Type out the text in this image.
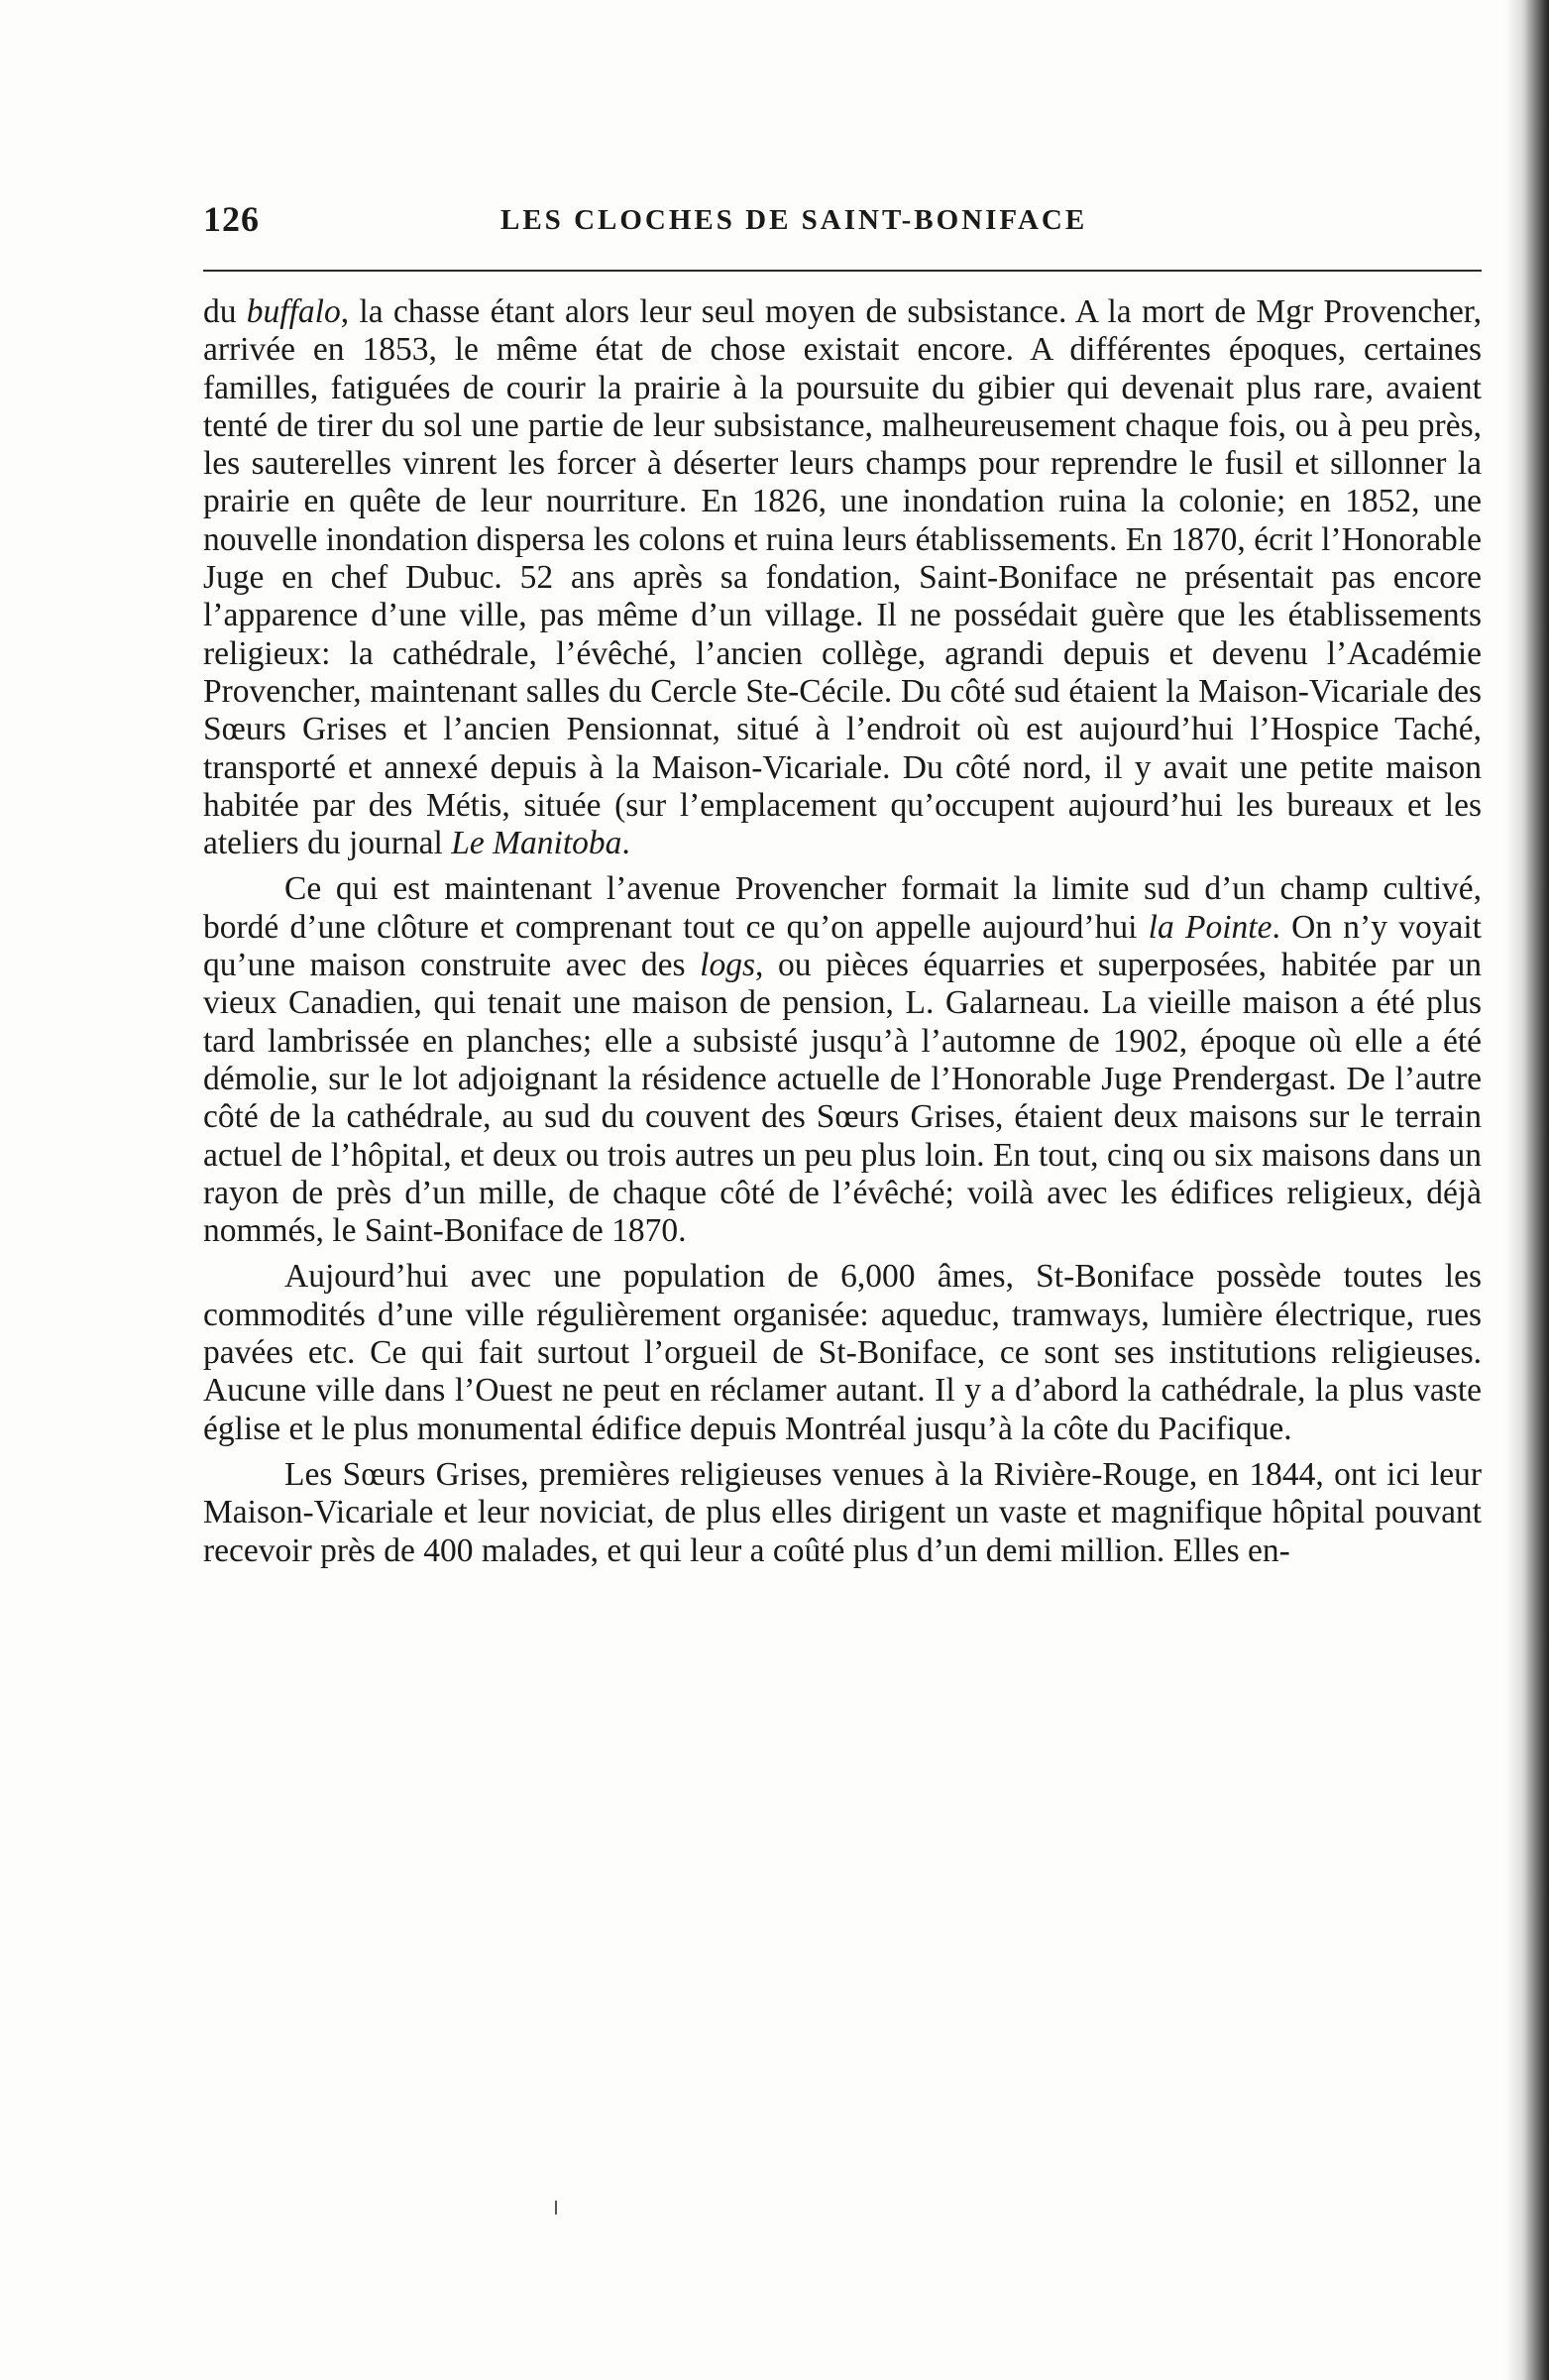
126	LES CLOCHES DE SAINT-BONIFACE

du buffalo, la chasse étant alors leur seul moyen de subsistance. A la mort de Mgr Provencher, arrivée en 1853, le même état de chose existait encore. A différentes époques, certaines familles, fatiguées de courir la prairie à la poursuite du gibier qui devenait plus rare, avaient tenté de tirer du sol une partie de leur subsistance, malheureusement chaque fois, ou à peu près, les sauterelles vinrent les forcer à déserter leurs champs pour reprendre le fusil et sillonner la prairie en quête de leur nourriture. En 1826, une inondation ruina la colonie; en 1852, une nouvelle inondation dispersa les colons et ruina leurs établissements. En 1870, écrit l’Honorable Juge en chef Dubuc. 52 ans après sa fondation, Saint-Boniface ne présentait pas encore l’apparence d’une ville, pas même d’un village. Il ne possédait guère que les établissements religieux: la cathédrale, l’évêché, l’ancien collège, agrandi depuis et devenu l’Académie Provencher, maintenant salles du Cercle Ste-Cécile. Du côté sud étaient la Maison-Vicariale des Sœurs Grises et l’ancien Pensionnat, situé à l’endroit où est aujourd’hui l’Hospice Taché, transporté et annexé depuis à la Maison-Vicariale. Du côté nord, il y avait une petite maison habitée par des Métis, située (sur l’emplacement qu’occupent aujourd’hui les bureaux et les ateliers du journal Le Manitoba.

Ce qui est maintenant l’avenue Provencher formait la limite sud d’un champ cultivé, bordé d’une clôture et comprenant tout ce qu’on appelle aujourd’hui la Pointe. On n’y voyait qu’une maison construite avec des logs, ou pièces équarries et superposées, habitée par un vieux Canadien, qui tenait une maison de pension, L. Galarneau. La vieille maison a été plus tard lambrissée en planches; elle a subsisté jusqu’à l’automne de 1902, époque où elle a été démolie, sur le lot adjoignant la résidence actuelle de l’Honorable Juge Prendergast. De l’autre côté de la cathédrale, au sud du couvent des Sœurs Grises, étaient deux maisons sur le terrain actuel de l’hôpital, et deux ou trois autres un peu plus loin. En tout, cinq ou six maisons dans un rayon de près d’un mille, de chaque côté de l’évêché; voilà avec les édifices religieux, déjà nommés, le Saint-Boniface de 1870.

Aujourd’hui avec une population de 6,000 âmes, St-Boniface possède toutes les commodités d’une ville régulièrement organisée: aqueduc, tramways, lumière électrique, rues pavées etc. Ce qui fait surtout l’orgueil de St-Boniface, ce sont ses institutions religieuses. Aucune ville dans l’Ouest ne peut en réclamer autant. Il y a d’abord la cathédrale, la plus vaste église et le plus monumental édifice depuis Montréal jusqu’à la côte du Pacifique.

Les Sœurs Grises, premières religieuses venues à la Rivière-Rouge, en 1844, ont ici leur Maison-Vicariale et leur noviciat, de plus elles dirigent un vaste et magnifique hôpital pouvant recevoir près de 400 malades, et qui leur a coûté plus d’un demi million. Elles en-
